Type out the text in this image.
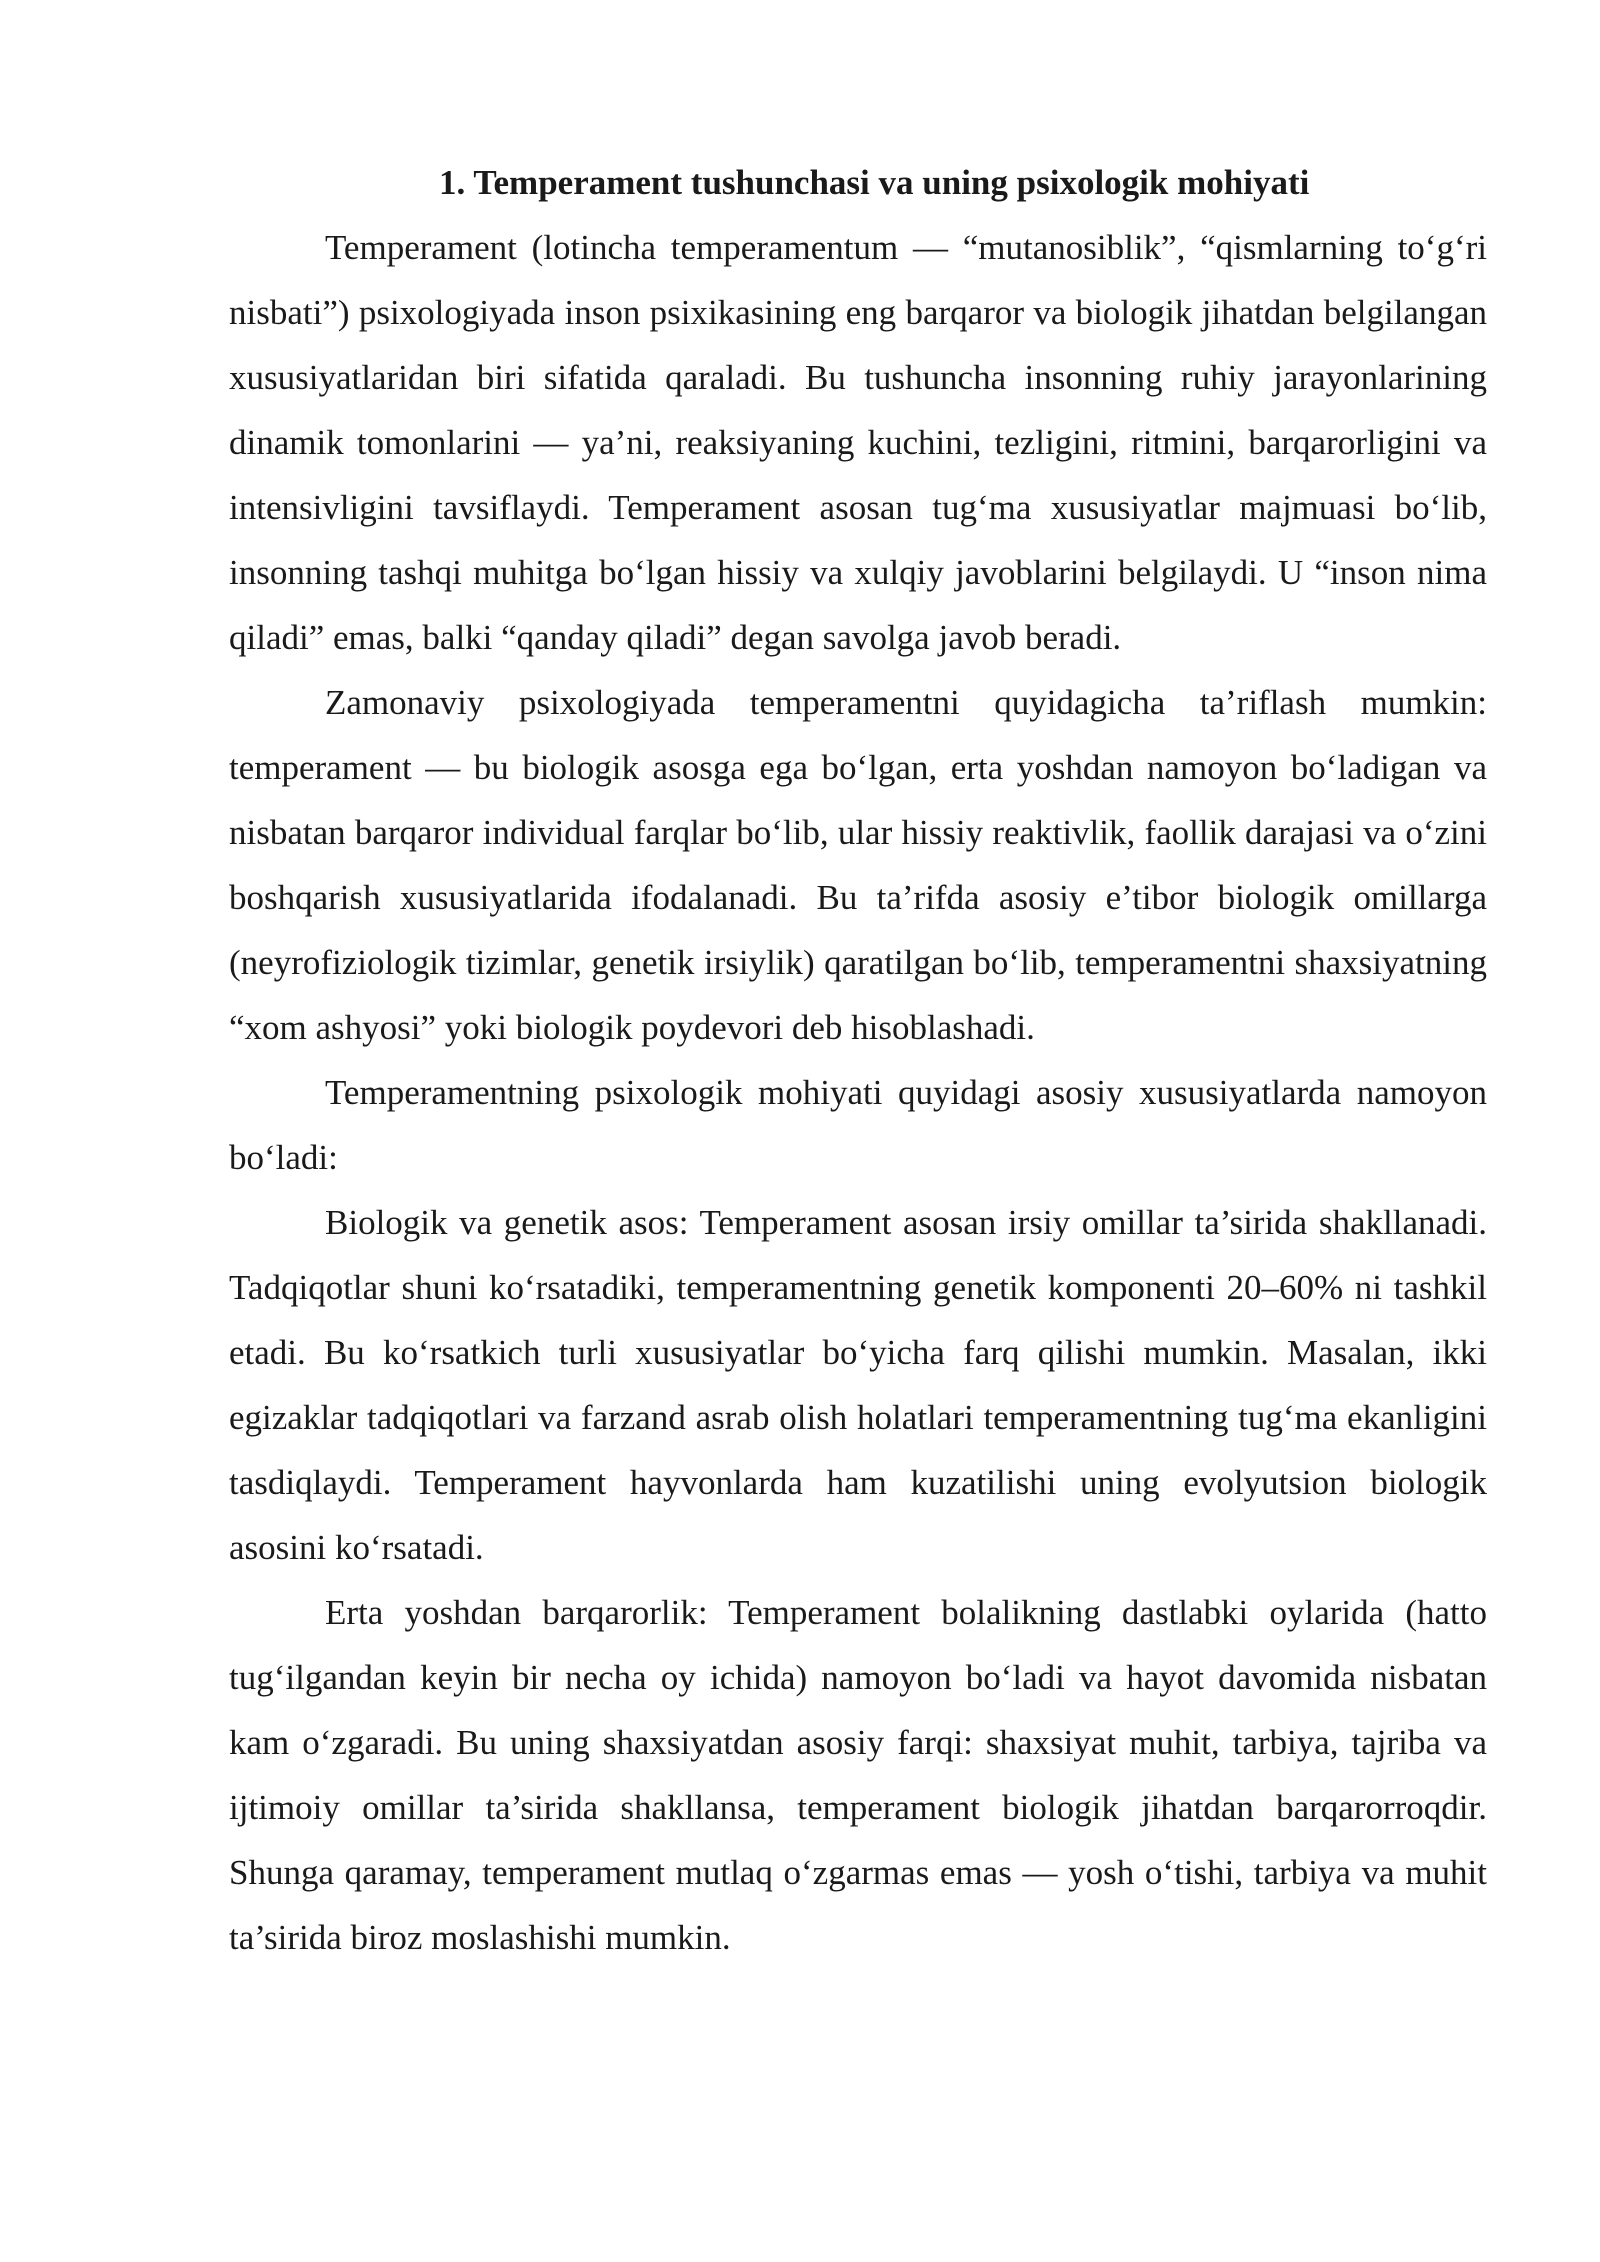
1. Temperament tushunchasi va uning psixologik mohiyati

Temperament (lotincha temperamentum — “mutanosiblik”, “qismlarning to‘g‘ri nisbati”) psixologiyada inson psixikasining eng barqaror va biologik jihatdan belgilangan xususiyatlaridan biri sifatida qaraladi. Bu tushuncha insonning ruhiy jarayonlarining dinamik tomonlarini — ya’ni, reaksiyaning kuchini, tezligini, ritmini, barqarorligini va intensivligini tavsiflaydi. Temperament asosan tug‘ma xususiyatlar majmuasi bo‘lib, insonning tashqi muhitga bo‘lgan hissiy va xulqiy javoblarini belgilaydi. U “inson nima qiladi” emas, balki “qanday qiladi” degan savolga javob beradi.

Zamonaviy psixologiyada temperamentni quyidagicha ta’riflash mumkin: temperament — bu biologik asosga ega bo‘lgan, erta yoshdan namoyon bo‘ladigan va nisbatan barqaror individual farqlar bo‘lib, ular hissiy reaktivlik, faollik darajasi va o‘zini boshqarish xususiyatlarida ifodalanadi. Bu ta’rifda asosiy e’tibor biologik omillarga (neyrofiziologik tizimlar, genetik irsiylik) qaratilgan bo‘lib, temperamentni shaxsiyatning “xom ashyosi” yoki biologik poydevori deb hisoblashadi.

Temperamentning psixologik mohiyati quyidagi asosiy xususiyatlarda namoyon bo‘ladi:

Biologik va genetik asos: Temperament asosan irsiy omillar ta’sirida shakllanadi. Tadqiqotlar shuni ko‘rsatadiki, temperamentning genetik komponenti 20–60% ni tashkil etadi. Bu ko‘rsatkich turli xususiyatlar bo‘yicha farq qilishi mumkin. Masalan, ikki egizaklar tadqiqotlari va farzand asrab olish holatlari temperamentning tug‘ma ekanligini tasdiqlaydi. Temperament hayvonlarda ham kuzatilishi uning evolyutsion biologik asosini ko‘rsatadi.

Erta yoshdan barqarorlik: Temperament bolalikning dastlabki oylarida (hatto tug‘ilgandan keyin bir necha oy ichida) namoyon bo‘ladi va hayot davomida nisbatan kam o‘zgaradi. Bu uning shaxsiyatdan asosiy farqi: shaxsiyat muhit, tarbiya, tajriba va ijtimoiy omillar ta’sirida shakllansa, temperament biologik jihatdan barqarorroqdir. Shunga qaramay, temperament mutlaq o‘zgarmas emas — yosh o‘tishi, tarbiya va muhit ta’sirida biroz moslashishi mumkin.
